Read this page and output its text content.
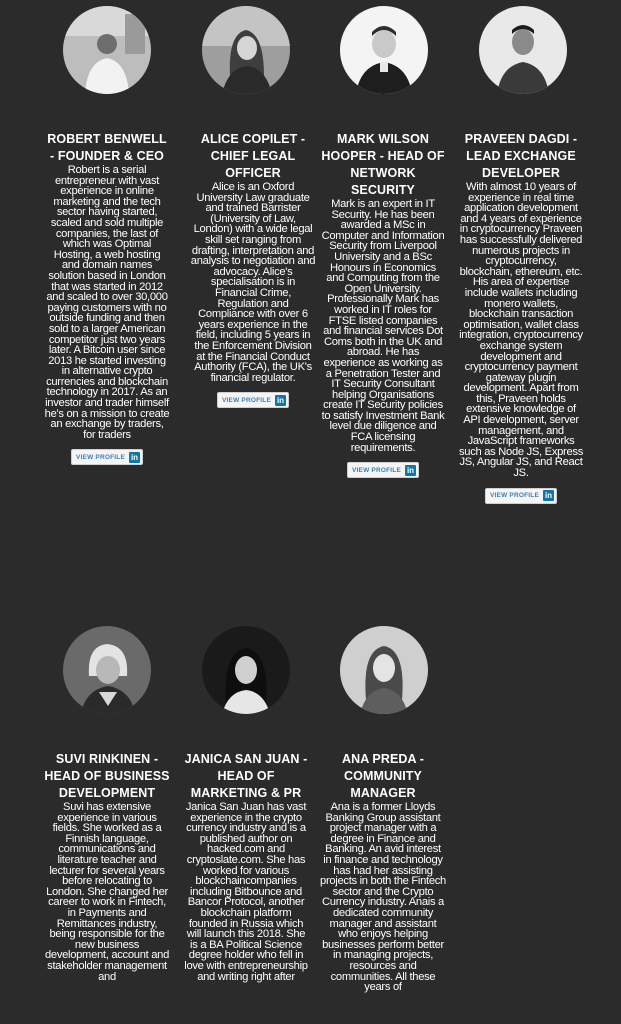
ROBERT BENWELL - FOUNDER & CEO

Robert is a serial entrepreneur with vast experience in online marketing and the tech sector having started, scaled and sold multiple companies, the last of which was Optimal Hosting, a web hosting and domain names solution based in London that was started in 2012 and scaled to over 30,000 paying customers with no outside funding and then sold to a larger American competitor just two years later. A Bitcoin user since 2013 he started investing in alternative crypto currencies and blockchain technology in 2017. As an investor and trader himself he's on a mission to create an exchange by traders, for traders

VIEW PROFILE in
ALICE COPILET - CHIEF LEGAL OFFICER

Alice is an Oxford University Law graduate and trained Barrister (University of Law, London) with a wide legal skill set ranging from drafting, interpretation and analysis to negotiation and advocacy. Alice's specialisation is in Financial Crime, Regulation and Compliance with over 6 years experience in the field, including 5 years in the Enforcement Division at the Financial Conduct Authority (FCA), the UK's financial regulator.

VIEW PROFILE in
MARK WILSON HOOPER - HEAD OF NETWORK SECURITY

Mark is an expert in IT Security. He has been awarded a MSc in Computer and Information Security from Liverpool University and a BSc Honours in Economics and Computing from the Open University. Professionally Mark has worked in IT roles for FTSE listed companies and financial services Dot Coms both in the UK and abroad. He has experience as working as a Penetration Tester and IT Security Consultant helping Organisations create IT Security policies to satisfy Investment Bank level due diligence and FCA licensing requirements.

VIEW PROFILE in
PRAVEEN DAGDI - LEAD EXCHANGE DEVELOPER

With almost 10 years of experience in real time application development and 4 years of experience in cryptocurrency Praveen has successfully delivered numerous projects in cryptocurrency, blockchain, ethereum, etc. His area of expertise include wallets including monero wallets, blockchain transaction optimisation, wallet class integration, cryptocurrency exchange system development and cryptocurrency payment gateway plugin development. Apart from this, Praveen holds extensive knowledge of API development, server management, and JavaScript frameworks such as Node JS, Express JS, Angular JS, and React JS.

VIEW PROFILE in
SUVI RINKINEN - HEAD OF BUSINESS DEVELOPMENT

Suvi has extensive experience in various fields. She worked as a Finnish language, communications and literature teacher and lecturer for several years before relocating to London. She changed her career to work in Fintech, in Payments and Remittances industry, being responsible for the new business development, account and stakeholder management and

JANICA SAN JUAN - HEAD OF MARKETING & PR

Janica San Juan has vast experience in the crypto currency industry and is a published author on hacked.com and cryptoslate.com. She has worked for various blockchaincompanies including Bitbounce and Bancor Protocol, another blockchain platform founded in Russia which will launch this 2018. She is a BA Political Science degree holder who fell in love with entrepreneurship and writing right after

ANA PREDA - COMMUNITY MANAGER

Ana is a former Lloyds Banking Group assistant project manager with a degree in Finance and Banking. An avid interest in finance and technology has had her assisting projects in both the Fintech sector and the Crypto Currency industry. Anais a dedicated community manager and assistant who enjoys helping businesses perform better in managing projects, resources and communities. All these years of
